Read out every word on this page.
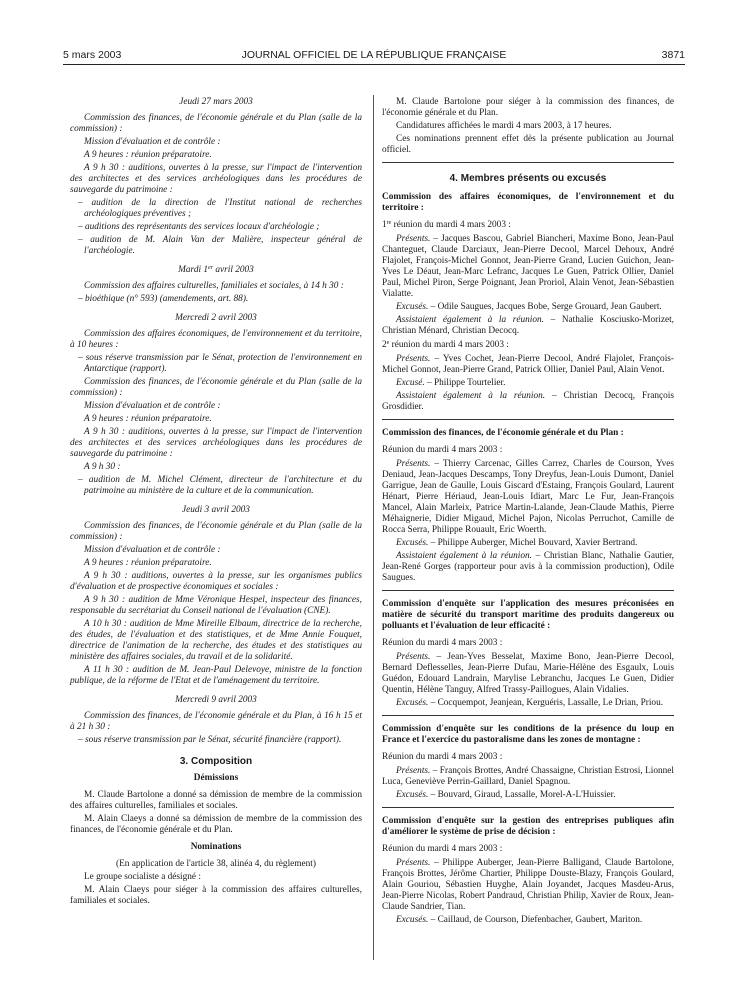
5 mars 2003	JOURNAL OFFICIEL DE LA RÉPUBLIQUE FRANÇAISE	3871

Jeudi 27 mars 2003

Commission des finances, de l'économie générale et du Plan (salle de la commission) :

Mission d'évaluation et de contrôle :

A 9 heures : réunion préparatoire.

A 9 h 30 : auditions, ouvertes à la presse, sur l'impact de l'intervention des architectes et des services archéologiques dans les procédures de sauvegarde du patrimoine :

– audition de la direction de l'Institut national de recherches archéologiques préventives ;

– auditions des représentants des services locaux d'archéologie ;

– audition de M. Alain Van der Malière, inspecteur général de l'archéologie.

Mardi 1er avril 2003

Commission des affaires culturelles, familiales et sociales, à 14 h 30 :

– bioéthique (n° 593) (amendements, art. 88).

Mercredi 2 avril 2003

Commission des affaires économiques, de l'environnement et du territoire, à 10 heures :

– sous réserve transmission par le Sénat, protection de l'environnement en Antarctique (rapport).

Commission des finances, de l'économie générale et du Plan (salle de la commission) :

Mission d'évaluation et de contrôle :

A 9 heures : réunion préparatoire.

A 9 h 30 : auditions, ouvertes à la presse, sur l'impact de l'intervention des architectes et des services archéologiques dans les procédures de sauvegarde du patrimoine :

A 9 h 30 :

– audition de M. Michel Clément, directeur de l'architecture et du patrimoine au ministère de la culture et de la communication.

Jeudi 3 avril 2003

Commission des finances, de l'économie générale et du Plan (salle de la commission) :

Mission d'évaluation et de contrôle :

A 9 heures : réunion préparatoire.

A 9 h 30 : auditions, ouvertes à la presse, sur les organismes publics d'évaluation et de prospective économiques et sociales :

A 9 h 30 : audition de Mme Véronique Hespel, inspecteur des finances, responsable du secrétariat du Conseil national de l'évaluation (CNE).

A 10 h 30 : audition de Mme Mireille Elbaum, directrice de la recherche, des études, de l'évaluation et des statistiques, et de Mme Annie Fouquet, directrice de l'animation de la recherche, des études et des statistiques au ministère des affaires sociales, du travail et de la solidarité.

A 11 h 30 : audition de M. Jean-Paul Delevoye, ministre de la fonction publique, de la réforme de l'Etat et de l'aménagement du territoire.

Mercredi 9 avril 2003

Commission des finances, de l'économie générale et du Plan, à 16 h 15 et à 21 h 30 :

– sous réserve transmission par le Sénat, sécurité financière (rapport).

3. Composition

Démissions

M. Claude Bartolone a donné sa démission de membre de la commission des affaires culturelles, familiales et sociales.

M. Alain Claeys a donné sa démission de membre de la commission des finances, de l'économie générale et du Plan.

Nominations

(En application de l'article 38, alinéa 4, du règlement)

Le groupe socialiste a désigné :

M. Alain Claeys pour siéger à la commission des affaires culturelles, familiales et sociales.

M. Claude Bartolone pour siéger à la commission des finances, de l'économie générale et du Plan.

Candidatures affichées le mardi 4 mars 2003, à 17 heures.

Ces nominations prennent effet dès la présente publication au Journal officiel.

4. Membres présents ou excusés

Commission des affaires économiques, de l'environnement et du territoire :

1re réunion du mardi 4 mars 2003 :

Présents. – Jacques Bascou, Gabriel Biancheri, Maxime Bono, Jean-Paul Chanteguet, Claude Darciaux, Jean-Pierre Decool, Marcel Dehoux, André Flajolet, François-Michel Gonnot, Jean-Pierre Grand, Lucien Guichon, Jean-Yves Le Déaut, Jean-Marc Lefranc, Jacques Le Guen, Patrick Ollier, Daniel Paul, Michel Piron, Serge Poignant, Jean Proriol, Alain Venot, Jean-Sébastien Vialatte.

Excusés. – Odile Saugues, Jacques Bobe, Serge Grouard, Jean Gaubert.

Assistaient également à la réunion. – Nathalie Kosciusko-Morizet, Christian Ménard, Christian Decocq.

2e réunion du mardi 4 mars 2003 :

Présents. – Yves Cochet, Jean-Pierre Decool, André Flajolet, François-Michel Gonnot, Jean-Pierre Grand, Patrick Ollier, Daniel Paul, Alain Venot.

Excusé. – Philippe Tourtelier.

Assistaient également à la réunion. – Christian Decocq, François Grosdidier.

Commission des finances, de l'économie générale et du Plan :

Réunion du mardi 4 mars 2003 :

Présents. – Thierry Carcenac, Gilles Carrez, Charles de Courson, Yves Deniaud, Jean-Jacques Descamps, Tony Dreyfus, Jean-Louis Dumont, Daniel Garrigue, Jean de Gaulle, Louis Giscard d'Estaing, François Goulard, Laurent Hénart, Pierre Hériaud, Jean-Louis Idiart, Marc Le Fur, Jean-François Mancel, Alain Marleix, Patrice Martin-Lalande, Jean-Claude Mathis, Pierre Méhaignerie, Didier Migaud, Michel Pajon, Nicolas Perruchot, Camille de Rocca Serra, Philippe Rouault, Eric Woerth.

Excusés. – Philippe Auberger, Michel Bouvard, Xavier Bertrand.

Assistaient également à la réunion. – Christian Blanc, Nathalie Gautier, Jean-René Gorges (rapporteur pour avis à la commission production), Odile Saugues.

Commission d'enquête sur l'application des mesures préconisées en matière de sécurité du transport maritime des produits dangereux ou polluants et l'évaluation de leur efficacité :

Réunion du mardi 4 mars 2003 :

Présents. – Jean-Yves Besselat, Maxime Bono, Jean-Pierre Decool, Bernard Deflesselles, Jean-Pierre Dufau, Marie-Hélène des Esgaulx, Louis Guédon, Edouard Landrain, Marylise Lebranchu, Jacques Le Guen, Didier Quentin, Hélène Tanguy, Alfred Trassy-Paillogues, Alain Vidalies.

Excusés. – Cocquempot, Jeanjean, Kerguéris, Lassalle, Le Drian, Priou.

Commission d'enquête sur les conditions de la présence du loup en France et l'exercice du pastoralisme dans les zones de montagne :

Réunion du mardi 4 mars 2003 :

Présents. – François Brottes, André Chassaigne, Christian Estrosi, Lionnel Luca, Geneviève Perrin-Gaillard, Daniel Spagnou.

Excusés. – Bouvard, Giraud, Lassalle, Morel-A-L'Huissier.

Commission d'enquête sur la gestion des entreprises publiques afin d'améliorer le système de prise de décision :

Réunion du mardi 4 mars 2003 :

Présents. – Philippe Auberger, Jean-Pierre Balligand, Claude Bartolone, François Brottes, Jérôme Chartier, Philippe Douste-Blazy, François Goulard, Alain Gouriou, Sébastien Huyghe, Alain Joyandet, Jacques Masdeu-Arus, Jean-Pierre Nicolas, Robert Pandraud, Christian Philip, Xavier de Roux, Jean-Claude Sandrier, Tian.

Excusés. – Caillaud, de Courson, Diefenbacher, Gaubert, Mariton.
